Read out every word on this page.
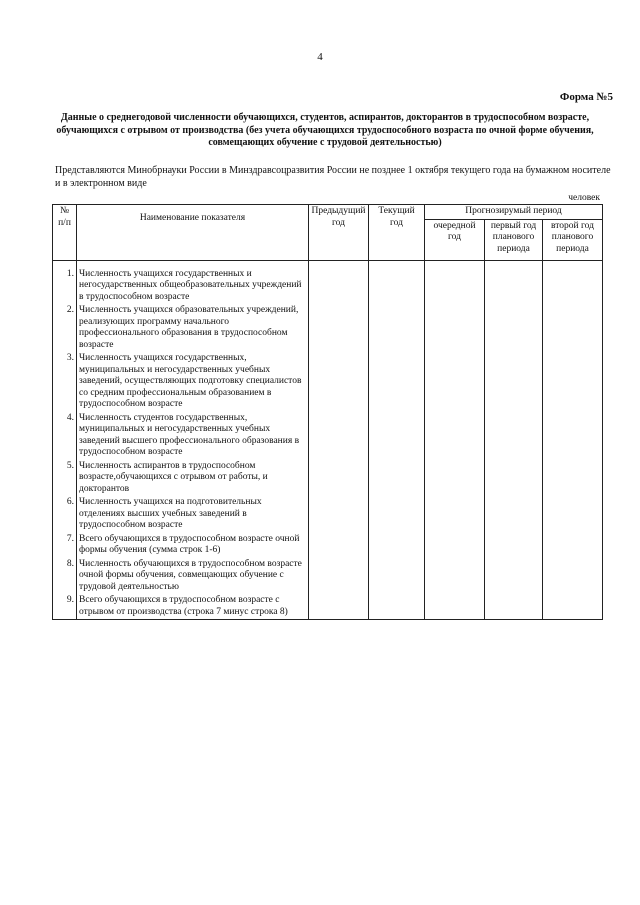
4
Форма №5
Данные о среднегодовой численности обучающихся, студентов, аспирантов, докторантов в трудоспособном возрасте, обучающихся с отрывом от производства (без учета обучающихся трудоспособного возраста по очной форме обучения, совмещающих обучение с трудовой деятельностью)
Представляются Минобрнауки России в Минздравсоцразвития России не позднее 1 октября текущего года на бумажном носителе и в электронном виде
человек
№ п/п	Наименование показателя	Предыдущий год	Текущий год	Прогнозирумый период		
				очередной год	первый год планового периода	второй год планового периода

1.	Численность учащихся государственных и негосударственных общеобразовательных учреждений в трудоспособном возрасте					
2.	Численность учащихся образовательных учреждений, реализующих программу начального профессионального образования в трудоспособном возрасте					
3.	Численность учащихся государственных, муниципальных и негосударственных учебных заведений, осуществляющих подготовку специалистов со средним профессиональным образованием в трудоспособном возрасте					
4.	Численность студентов государственных, муниципальных и негосударственных учебных заведений высшего профессионального образования в трудоспособном возрасте					
5.	Численность аспирантов в трудоспособном возрасте,обучающихся с отрывом от работы, и докторантов					
6.	Численность учащихся на подготовительных отделениях высших учебных заведений в трудоспособном возрасте					
7.	Всего обучающихся в трудоспособном возрасте очной формы обучения (сумма строк 1-6)					
8.	Численность обучающихся в трудоспособном возрасте очной формы обучения, совмещающих обучение с трудовой деятельностью					
9.	Всего обучающихся в трудоспособном возрасте с отрывом от производства (строка 7 минус строка 8)					
